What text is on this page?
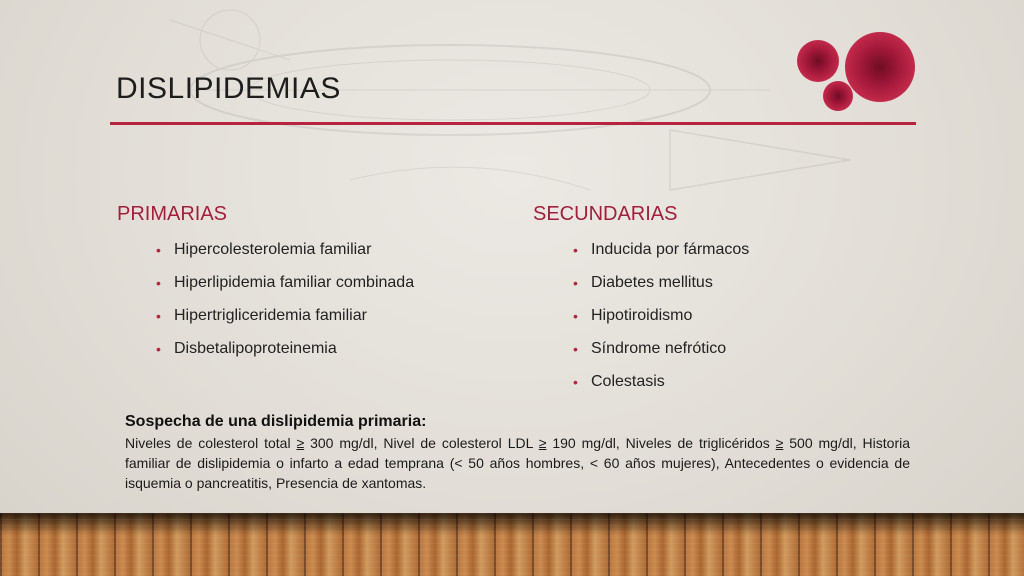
DISLIPIDEMIAS
PRIMARIAS
• Hipercolesterolemia familiar
• Hiperlipidemia familiar combinada
• Hipertrigliceridemia familiar
• Disbetalipoproteinemia
SECUNDARIAS
• Inducida por fármacos
• Diabetes mellitus
• Hipotiroidismo
• Síndrome nefrótico
• Colestasis

Sospecha de una dislipidemia primaria:

Niveles de colesterol total ≥ 300 mg/dl, Nivel de colesterol LDL ≥ 190 mg/dl, Niveles de triglicéridos ≥ 500 mg/dl, Historia familiar de dislipidemia o infarto a edad temprana (< 50 años hombres, < 60 años mujeres), Antecedentes o evidencia de isquemia o pancreatitis, Presencia de xantomas.
